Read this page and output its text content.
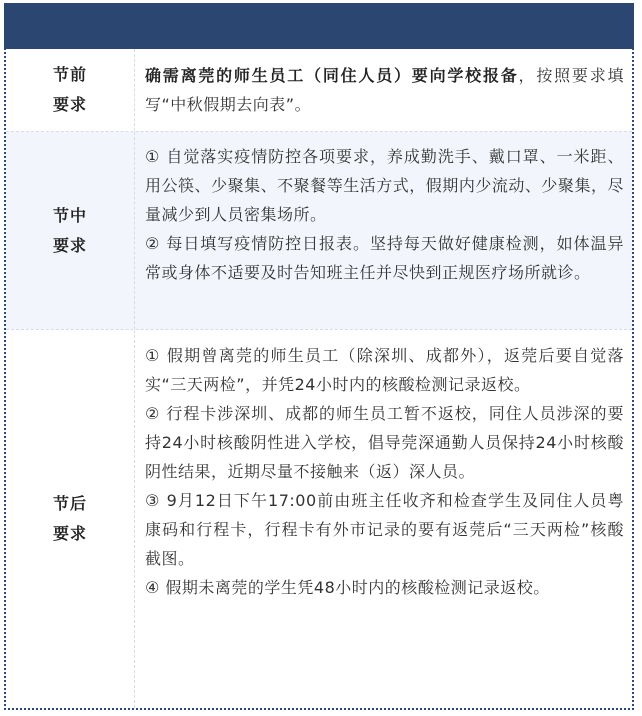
节前
要求

确需离莞的师生员工（同住人员）要向学校报备，按照要求填写“中秋假期去向表”。

节中
要求

① 自觉落实疫情防控各项要求，养成勤洗手、戴口罩、一米距、用公筷、少聚集、不聚餐等生活方式，假期内少流动、少聚集，尽量减少到人员密集场所。

② 每日填写疫情防控日报表。坚持每天做好健康检测，如体温异常或身体不适要及时告知班主任并尽快到正规医疗场所就诊。

节后
要求

① 假期曾离莞的师生员工（除深圳、成都外），返莞后要自觉落实“三天两检”，并凭24小时内的核酸检测记录返校。

② 行程卡涉深圳、成都的师生员工暂不返校，同住人员涉深的要持24小时核酸阴性进入学校，倡导莞深通勤人员保持24小时核酸阴性结果，近期尽量不接触来（返）深人员。

③ 9月12日下午17:00前由班主任收齐和检查学生及同住人员粤康码和行程卡，行程卡有外市记录的要有返莞后“三天两检”核酸截图。

④ 假期未离莞的学生凭48小时内的核酸检测记录返校。
